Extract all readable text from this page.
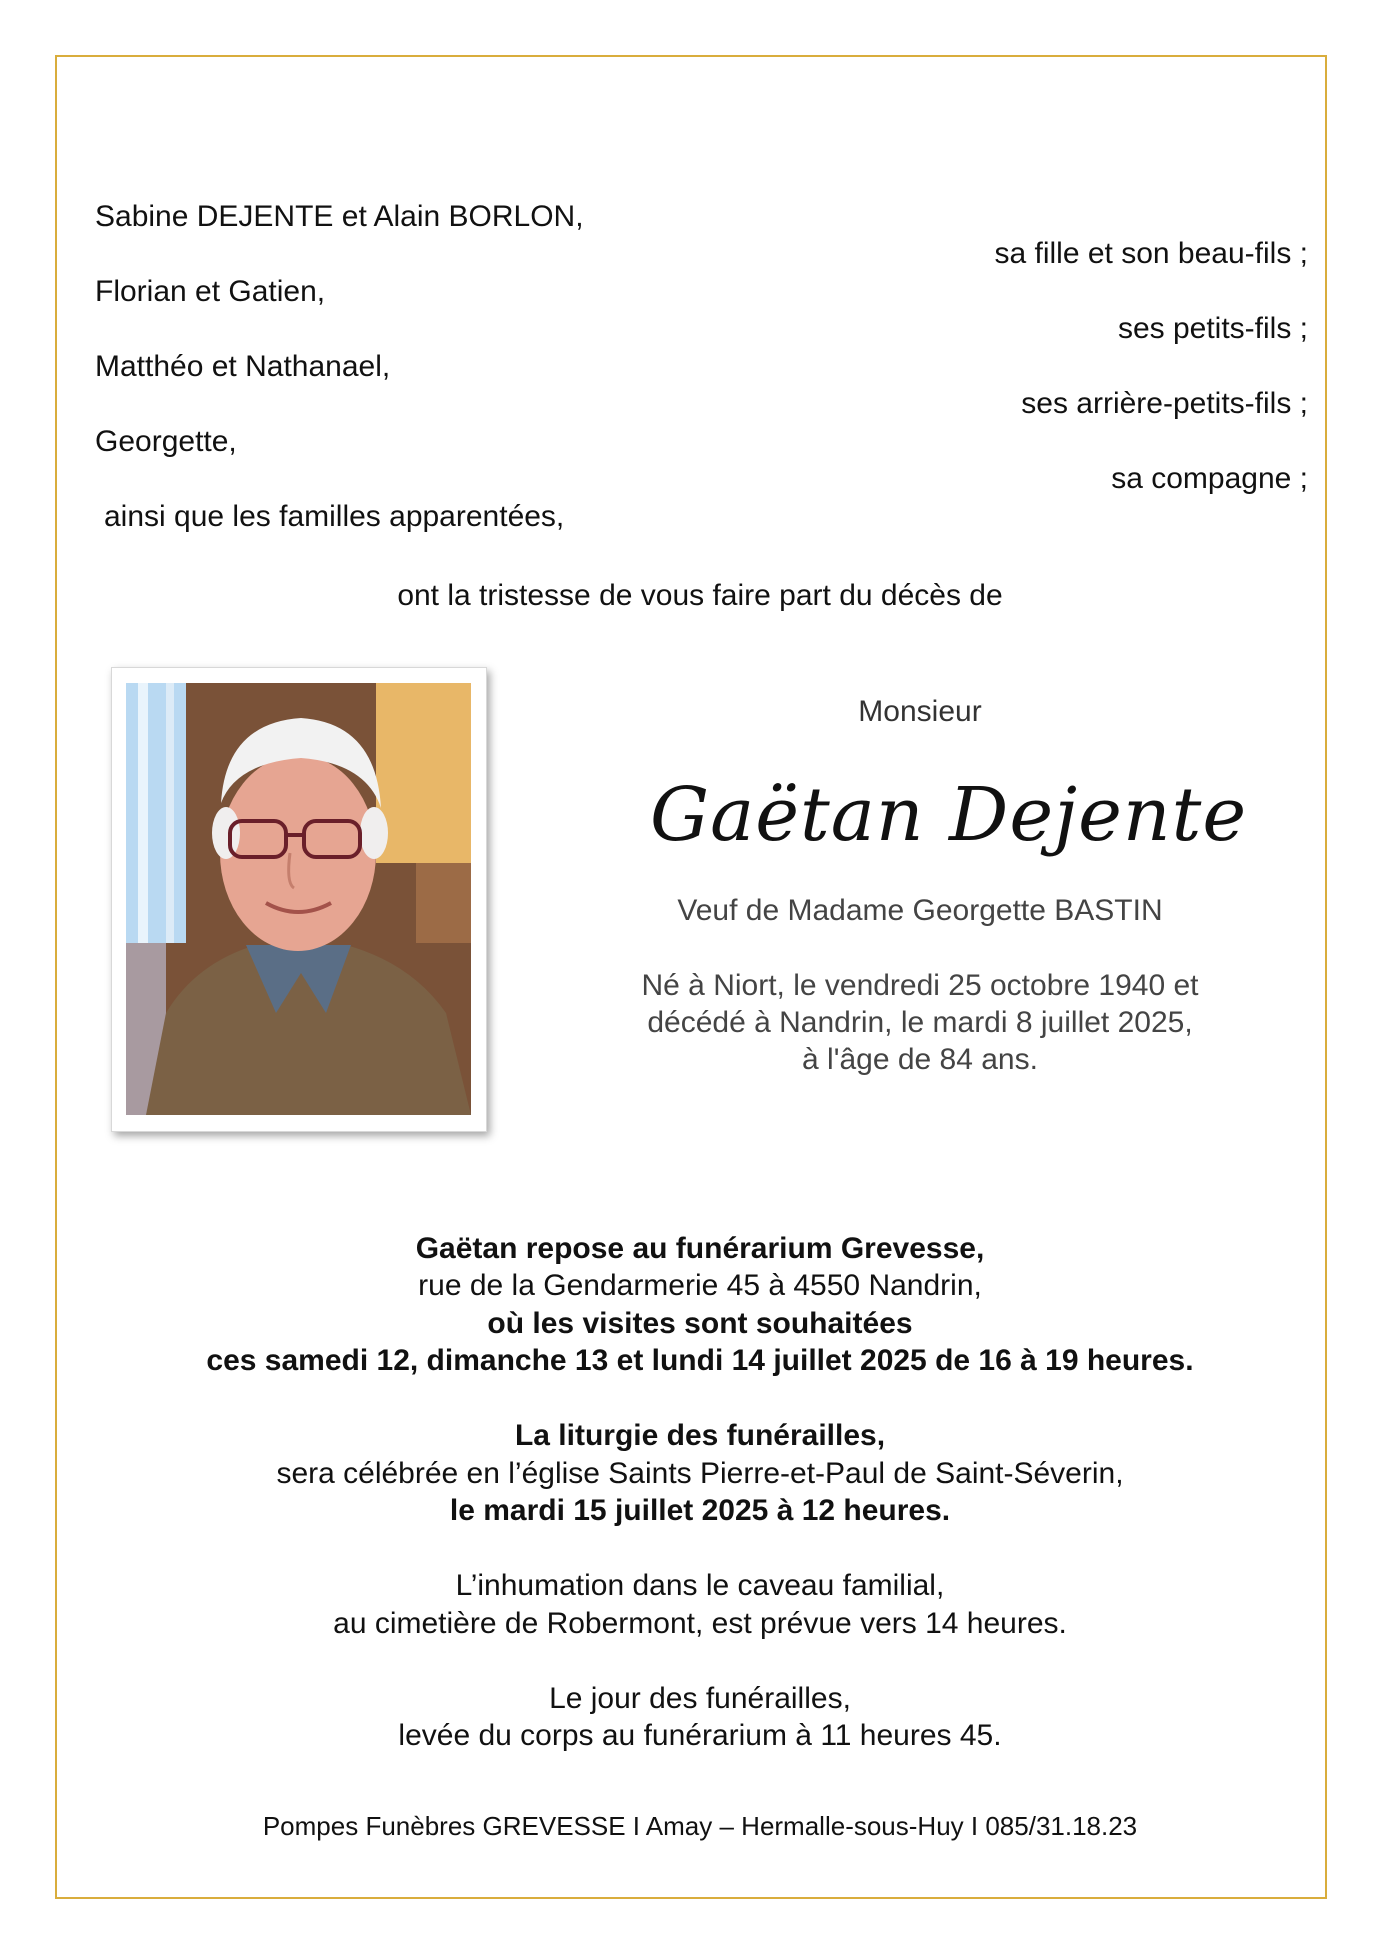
Sabine DEJENTE et Alain BORLON,
sa fille et son beau-fils ;
Florian et Gatien,
ses petits-fils ;
Matthéo et Nathanael,
ses arrière-petits-fils ;
Georgette,
sa compagne ;
ainsi que les familles apparentées,
ont la tristesse de vous faire part du décès de
Monsieur
Gaëtan Dejente
Veuf de Madame Georgette BASTIN
Né à Niort, le vendredi 25 octobre 1940 et
décédé à Nandrin, le mardi 8 juillet 2025,
à l'âge de 84 ans.
Gaëtan repose au funérarium Grevesse,
rue de la Gendarmerie 45 à 4550 Nandrin,
où les visites sont souhaitées
ces samedi 12, dimanche 13 et lundi 14 juillet 2025 de 16 à 19 heures.
La liturgie des funérailles,
sera célébrée en l’église Saints Pierre-et-Paul de Saint-Séverin,
le mardi 15 juillet 2025 à 12 heures.
L’inhumation dans le caveau familial,
au cimetière de Robermont, est prévue vers 14 heures.
Le jour des funérailles,
levée du corps au funérarium à 11 heures 45.
Pompes Funèbres GREVESSE I Amay – Hermalle-sous-Huy I 085/31.18.23
